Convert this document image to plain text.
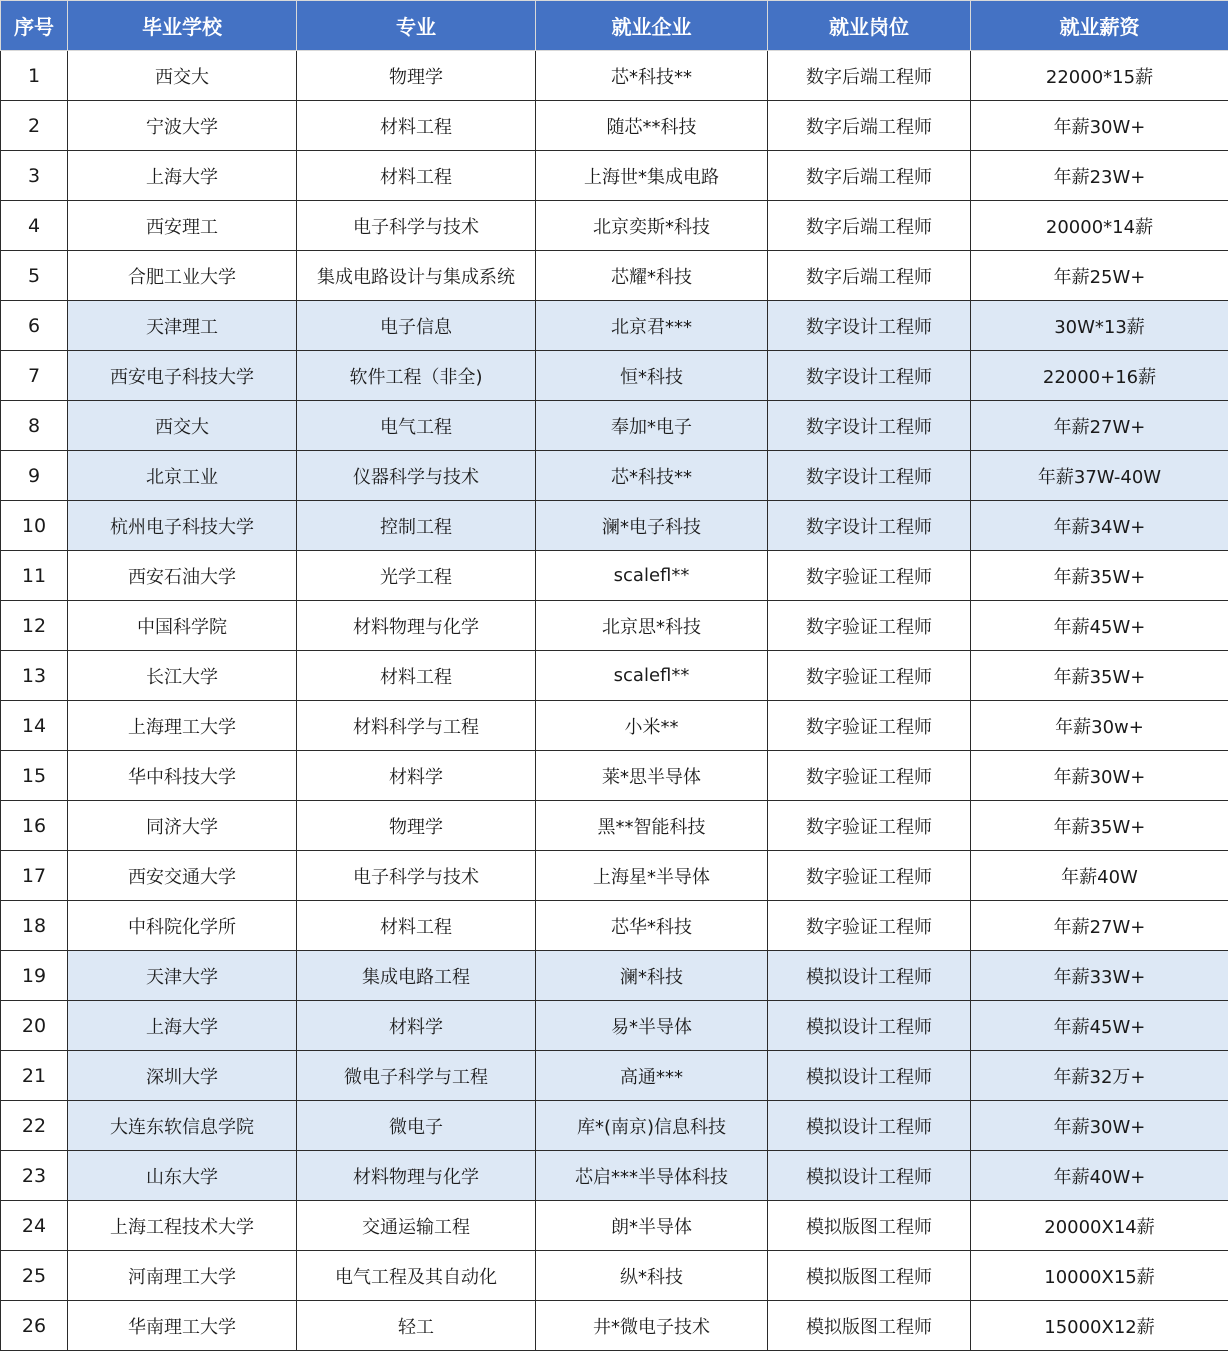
序号	毕业学校	专业	就业企业	就业岗位	就业薪资
1	西交大	物理学	芯*科技**	数字后端工程师	22000*15薪
2	宁波大学	材料工程	随芯**科技	数字后端工程师	年薪30W+
3	上海大学	材料工程	上海世*集成电路	数字后端工程师	年薪23W+
4	西安理工	电子科学与技术	北京奕斯*科技	数字后端工程师	20000*14薪
5	合肥工业大学	集成电路设计与集成系统	芯耀*科技	数字后端工程师	年薪25W+
6	天津理工	电子信息	北京君***	数字设计工程师	30W*13薪
7	西安电子科技大学	软件工程（非全)	恒*科技	数字设计工程师	22000+16薪
8	西交大	电气工程	奉加*电子	数字设计工程师	年薪27W+
9	北京工业	仪器科学与技术	芯*科技**	数字设计工程师	年薪37W-40W
10	杭州电子科技大学	控制工程	澜*电子科技	数字设计工程师	年薪34W+
11	西安石油大学	光学工程	scalefl**	数字验证工程师	年薪35W+
12	中国科学院	材料物理与化学	北京思*科技	数字验证工程师	年薪45W+
13	长江大学	材料工程	scalefl**	数字验证工程师	年薪35W+
14	上海理工大学	材料科学与工程	小米**	数字验证工程师	年薪30w+
15	华中科技大学	材料学	莱*思半导体	数字验证工程师	年薪30W+
16	同济大学	物理学	黑**智能科技	数字验证工程师	年薪35W+
17	西安交通大学	电子科学与技术	上海星*半导体	数字验证工程师	年薪40W
18	中科院化学所	材料工程	芯华*科技	数字验证工程师	年薪27W+
19	天津大学	集成电路工程	澜*科技	模拟设计工程师	年薪33W+
20	上海大学	材料学	易*半导体	模拟设计工程师	年薪45W+
21	深圳大学	微电子科学与工程	高通***	模拟设计工程师	年薪32万+
22	大连东软信息学院	微电子	库*(南京)信息科技	模拟设计工程师	年薪30W+
23	山东大学	材料物理与化学	芯启***半导体科技	模拟设计工程师	年薪40W+
24	上海工程技术大学	交通运输工程	朗*半导体	模拟版图工程师	20000X14薪
25	河南理工大学	电气工程及其自动化	纵*科技	模拟版图工程师	10000X15薪
26	华南理工大学	轻工	井*微电子技术	模拟版图工程师	15000X12薪
